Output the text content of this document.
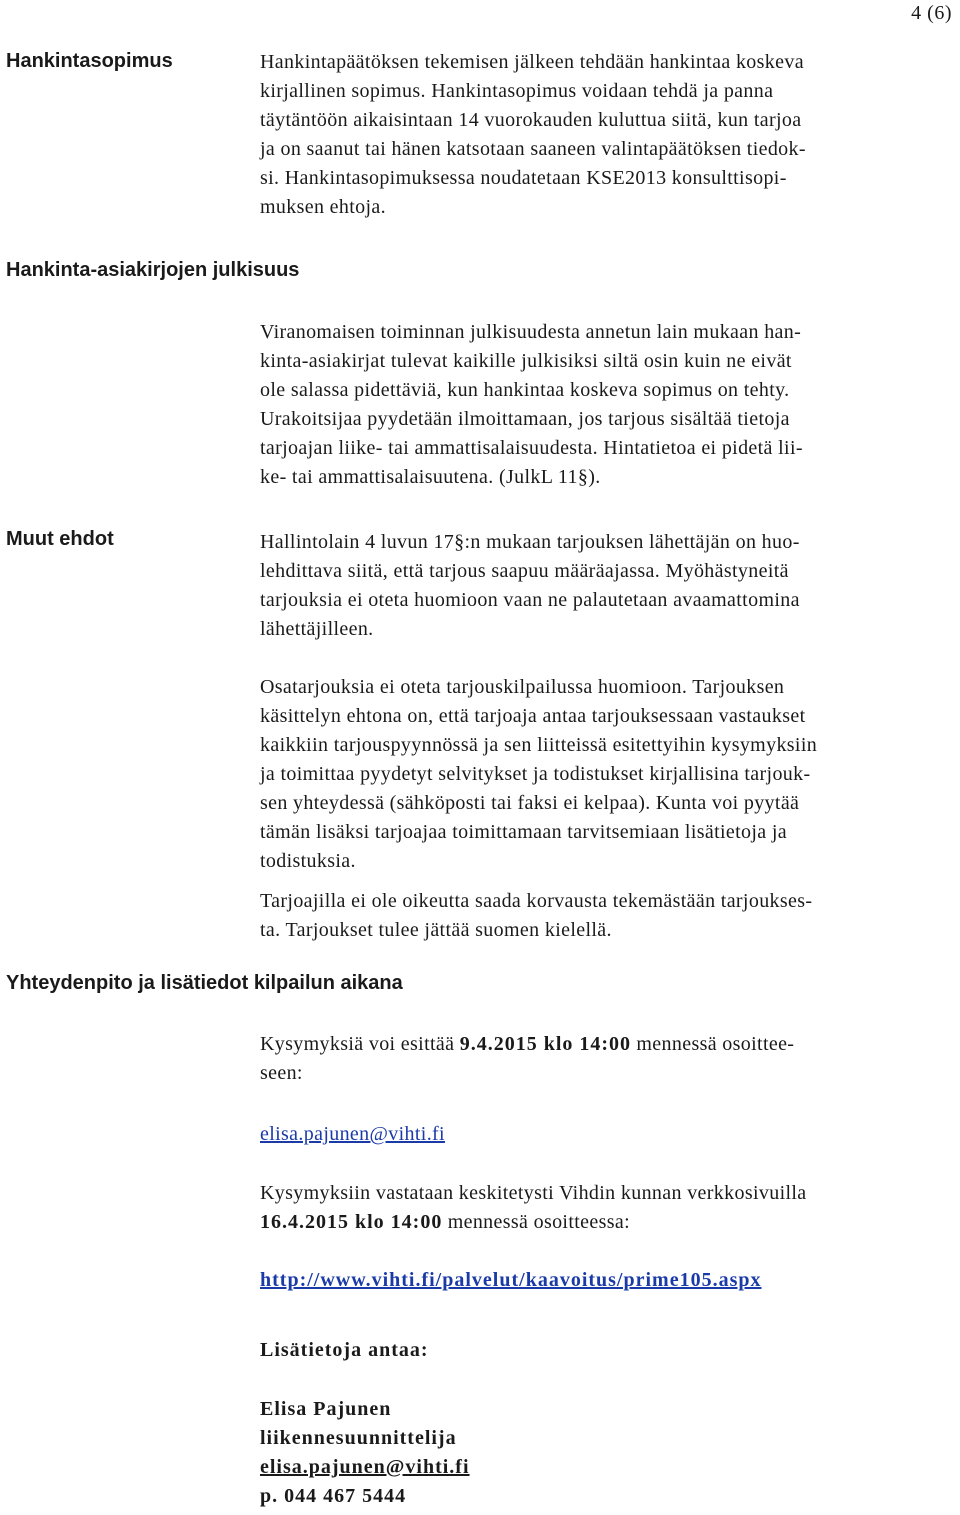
4 (6)
Hankintasopimus	Hankintapäätöksen tekemisen jälkeen tehdään hankintaa koskeva
kirjallinen sopimus. Hankintasopimus voidaan tehdä ja panna
täytäntöön aikaisintaan 14 vuorokauden kuluttua siitä, kun tarjoa
ja on saanut tai hänen katsotaan saaneen valintapäätöksen tiedok-
si. Hankintasopimuksessa noudatetaan KSE2013 konsulttisopi-
muksen ehtoja.

Hankinta-asiakirjojen julkisuus

Viranomaisen toiminnan julkisuudesta annetun lain mukaan han-
kinta-asiakirjat tulevat kaikille julkisiksi siltä osin kuin ne eivät
ole salassa pidettäviä, kun hankintaa koskeva sopimus on tehty.
Urakoitsijaa pyydetään ilmoittamaan, jos tarjous sisältää tietoja
tarjoajan liike- tai ammattisalaisuudesta. Hintatietoa ei pidetä lii-
ke- tai ammattisalaisuutena. (JulkL 11§).

Muut ehdot	Hallintolain 4 luvun 17§:n mukaan tarjouksen lähettäjän on huo-
lehdittava siitä, että tarjous saapuu määräajassa. Myöhästyneitä
tarjouksia ei oteta huomioon vaan ne palautetaan avaamattomina
lähettäjilleen.

Osatarjouksia ei oteta tarjouskilpailussa huomioon. Tarjouksen
käsittelyn ehtona on, että tarjoaja antaa tarjouksessaan vastaukset
kaikkiin tarjouspyynnössä ja sen liitteissä esitettyihin kysymyksiin
ja toimittaa pyydetyt selvitykset ja todistukset kirjallisina tarjouk-
sen yhteydessä (sähköposti tai faksi ei kelpaa). Kunta voi pyytää
tämän lisäksi tarjoajaa toimittamaan tarvitsemiaan lisätietoja ja
todistuksia.

Tarjoajilla ei ole oikeutta saada korvausta tekemästään tarjoukses-
ta. Tarjoukset tulee jättää suomen kielellä.

Yhteydenpito ja lisätiedot kilpailun aikana
Kysymyksiä voi esittää 9.4.2015 klo 14:00 mennessä osoittee-
seen:
elisa.pajunen@vihti.fi
Kysymyksiin vastataan keskitetysti Vihdin kunnan verkkosivuilla
16.4.2015 klo 14:00 mennessä osoitteessa:
http://www.vihti.fi/palvelut/kaavoitus/prime105.aspx
Lisätietoja antaa:
Elisa Pajunen
liikennesuunnittelija
elisa.pajunen@vihti.fi
p. 044 467 5444
